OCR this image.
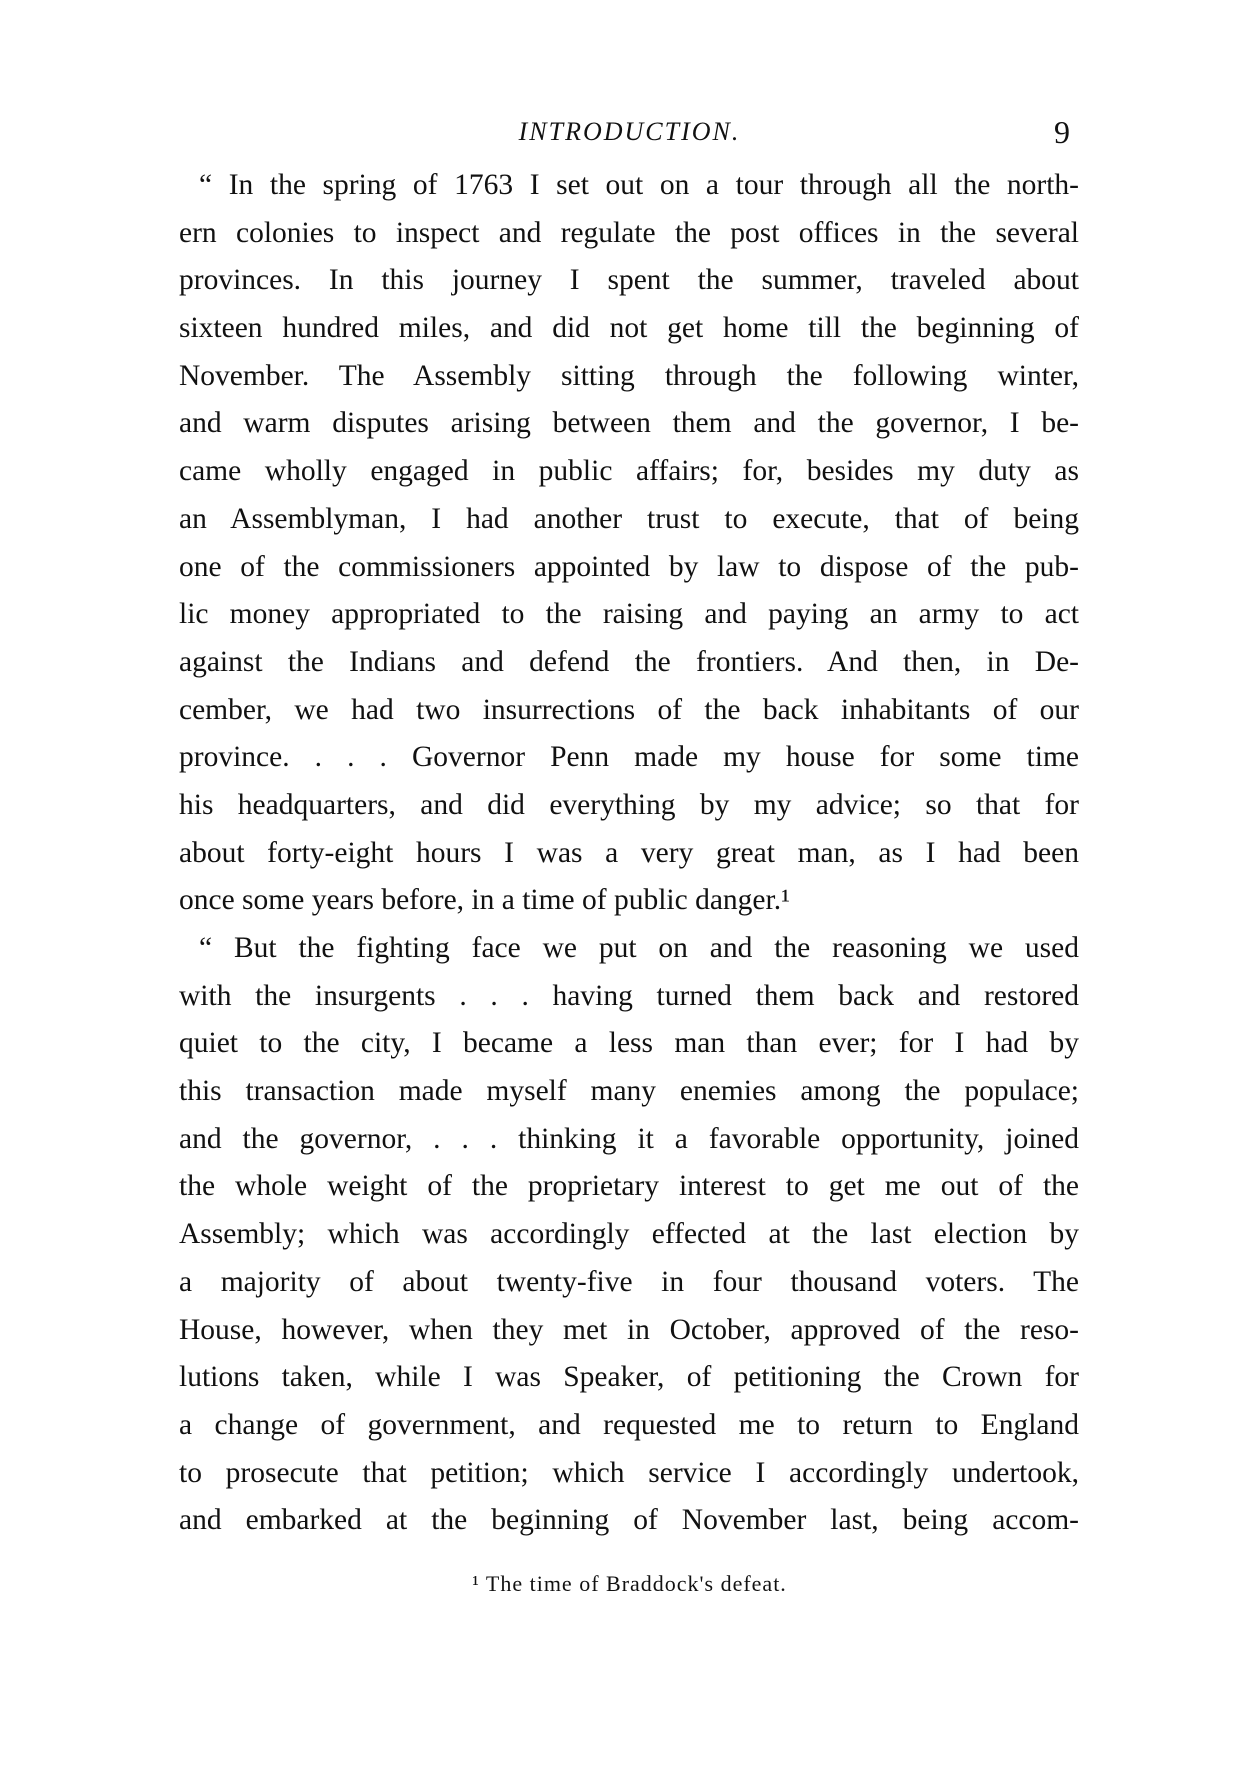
INTRODUCTION.	9
“ In the spring of 1763 I set out on a tour through all the north-
ern colonies to inspect and regulate the post offices in the several
provinces. In this journey I spent the summer, traveled about
sixteen hundred miles, and did not get home till the beginning of
November. The Assembly sitting through the following winter,
and warm disputes arising between them and the governor, I be-
came wholly engaged in public affairs; for, besides my duty as
an Assemblyman, I had another trust to execute, that of being
one of the commissioners appointed by law to dispose of the pub-
lic money appropriated to the raising and paying an army to act
against the Indians and defend the frontiers. And then, in De-
cember, we had two insurrections of the back inhabitants of our
province. . . . Governor Penn made my house for some time
his headquarters, and did everything by my advice; so that for
about forty-eight hours I was a very great man, as I had been
once some years before, in a time of public danger.¹
“ But the fighting face we put on and the reasoning we used
with the insurgents . . . having turned them back and restored
quiet to the city, I became a less man than ever; for I had by
this transaction made myself many enemies among the populace;
and the governor, . . . thinking it a favorable opportunity, joined
the whole weight of the proprietary interest to get me out of the
Assembly; which was accordingly effected at the last election by
a majority of about twenty-five in four thousand voters. The
House, however, when they met in October, approved of the reso-
lutions taken, while I was Speaker, of petitioning the Crown for
a change of government, and requested me to return to England
to prosecute that petition; which service I accordingly undertook,
and embarked at the beginning of November last, being accom-
¹ The time of Braddock's defeat.
